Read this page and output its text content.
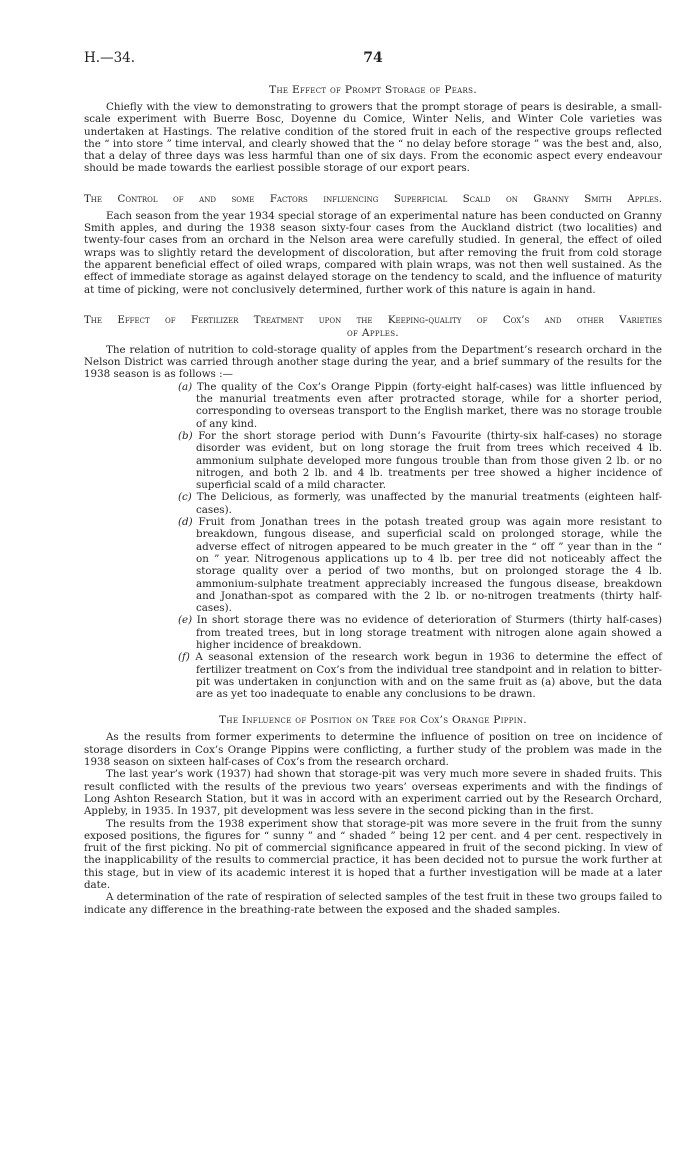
H.—34.	74
The Effect of Prompt Storage of Pears.

Chiefly with the view to demonstrating to growers that the prompt storage of pears is desirable, a small-scale experiment with Buerre Bosc, Doyenne du Comice, Winter Nelis, and Winter Cole varieties was undertaken at Hastings. The relative condition of the stored fruit in each of the respective groups reflected the “ into store ” time interval, and clearly showed that the “ no delay before storage ” was the best and, also, that a delay of three days was less harmful than one of six days. From the economic aspect every endeavour should be made towards the earliest possible storage of our export pears.

The Control of and some Factors influencing Superficial Scald on Granny Smith Apples.

Each season from the year 1934 special storage of an experimental nature has been conducted on Granny Smith apples, and during the 1938 season sixty-four cases from the Auckland district (two localities) and twenty-four cases from an orchard in the Nelson area were carefully studied. In general, the effect of oiled wraps was to slightly retard the development of discoloration, but after removing the fruit from cold storage the apparent beneficial effect of oiled wraps, compared with plain wraps, was not then well sustained. As the effect of immediate storage as against delayed storage on the tendency to scald, and the influence of maturity at time of picking, were not conclusively determined, further work of this nature is again in hand.

The Effect of Fertilizer Treatment upon the Keeping-quality of Cox’s and other Varieties
of Apples.

The relation of nutrition to cold-storage quality of apples from the Department’s research orchard in the Nelson District was carried through another stage during the year, and a brief summary of the results for the 1938 season is as follows :—

(a) The quality of the Cox’s Orange Pippin (forty-eight half-cases) was little influenced by the manurial treatments even after protracted storage, while for a shorter period, corresponding to overseas transport to the English market, there was no storage trouble of any kind.
(b) For the short storage period with Dunn’s Favourite (thirty-six half-cases) no storage disorder was evident, but on long storage the fruit from trees which received 4 lb. ammonium sulphate developed more fungous trouble than from those given 2 lb. or no nitrogen, and both 2 lb. and 4 lb. treatments per tree showed a higher incidence of superficial scald of a mild character.
(c) The Delicious, as formerly, was unaffected by the manurial treatments (eighteen half-cases).
(d) Fruit from Jonathan trees in the potash treated group was again more resistant to breakdown, fungous disease, and superficial scald on prolonged storage, while the adverse effect of nitrogen appeared to be much greater in the “ off ” year than in the “ on ” year. Nitrogenous applications up to 4 lb. per tree did not noticeably affect the storage quality over a period of two months, but on prolonged storage the 4 lb. ammonium-sulphate treatment appreciably increased the fungous disease, breakdown and Jonathan-spot as compared with the 2 lb. or no-nitrogen treatments (thirty half-cases).
(e) In short storage there was no evidence of deterioration of Sturmers (thirty half-cases) from treated trees, but in long storage treatment with nitrogen alone again showed a higher incidence of breakdown.
(f) A seasonal extension of the research work begun in 1936 to determine the effect of fertilizer treatment on Cox’s from the individual tree standpoint and in relation to bitter-pit was undertaken in conjunction with and on the same fruit as (a) above, but the data are as yet too inadequate to enable any conclusions to be drawn.
The Influence of Position on Tree for Cox’s Orange Pippin.

As the results from former experiments to determine the influence of position on tree on incidence of storage disorders in Cox’s Orange Pippins were conflicting, a further study of the problem was made in the 1938 season on sixteen half-cases of Cox’s from the research orchard.

The last year’s work (1937) had shown that storage-pit was very much more severe in shaded fruits. This result conflicted with the results of the previous two years’ overseas experiments and with the findings of Long Ashton Research Station, but it was in accord with an experiment carried out by the Research Orchard, Appleby, in 1935. In 1937, pit development was less severe in the second picking than in the first.

The results from the 1938 experiment show that storage-pit was more severe in the fruit from the sunny exposed positions, the figures for “ sunny ” and “ shaded ” being 12 per cent. and 4 per cent. respectively in fruit of the first picking. No pit of commercial significance appeared in fruit of the second picking. In view of the inapplicability of the results to commercial practice, it has been decided not to pursue the work further at this stage, but in view of its academic interest it is hoped that a further investigation will be made at a later date.

A determination of the rate of respiration of selected samples of the test fruit in these two groups failed to indicate any difference in the breathing-rate between the exposed and the shaded samples.
